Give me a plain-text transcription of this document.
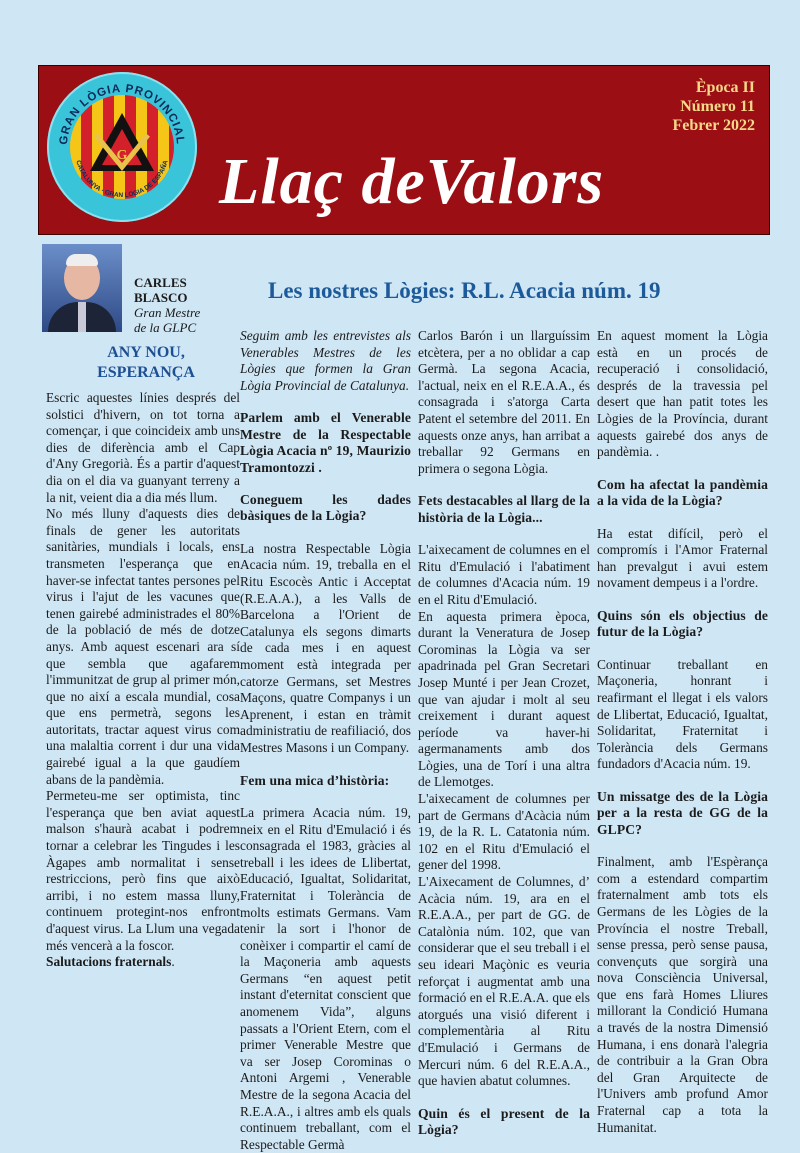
G
GRAN LÒGIA PROVINCIAL
CATALUNYA · GRAN LOGIA DE ESPAÑA
Època II
Número 11
Febrer 2022
Llaç deValors
CARLES
BLASCO
Gran Mestre
de la GLPC
ANY NOU,
ESPERANÇA
Les nostres Lògies: R.L. Acacia núm. 19

Escric aquestes línies després del solstici d'hivern, on tot torna a començar, i que coincideix amb uns dies de diferència amb el Cap d'Any Gregorià. És a partir d'aquest dia on el dia va guanyant terreny a la nit, veient dia a dia més llum.

No més lluny d'aquests dies de finals de gener les autoritats sanitàries, mundials i locals, ens transmeten l'esperança que en haver-se infectat tantes persones pel virus i l'ajut de les vacunes que tenen gairebé administrades el 80% de la població de més de dotze anys. Amb aquest escenari ara sí que sembla que agafarem l'immunitzat de grup al primer món, que no així a escala mundial, cosa que ens permetrà, segons les autoritats, tractar aquest virus com una malaltia corrent i dur una vida gairebé igual a la que gaudíem abans de la pandèmia.

Permeteu-me ser optimista, tinc l'esperança que ben aviat aquest malson s'haurà acabat i podrem tornar a celebrar les Tingudes i les Àgapes amb normalitat i sense restriccions, però fins que això arribi, i no estem massa lluny, continuem protegint-nos enfront d'aquest virus. La Llum una vegada més vencerà a la foscor.

Salutacions fraternals.

Seguim amb les entrevistes als Venerables Mestres de les Lògies que formen la Gran Lògia Provincial de Catalunya.

Parlem amb el Venerable Mestre de la Respectable Lògia Acacia nº 19, Maurizio Tramontozzi .
Coneguem les dades bàsiques de la Lògia?

La nostra Respectable Lògia Acacia núm. 19, treballa en el Ritu Escocès Antic i Acceptat (R.E.A.A.), a les Valls de Barcelona a l'Orient de Catalunya els segons dimarts de cada mes i en aquest moment està integrada per catorze Germans, set Mestres Maçons, quatre Companys i un Aprenent, i estan en tràmit administratiu de reafiliació, dos Mestres Masons i un Company.

Fem una mica d’història:

La primera Acacia núm. 19, neix en el Ritu d'Emulació i és consagrada el 1983, gràcies al treball i les idees de Llibertat, Educació, Igualtat, Solidaritat, Fraternitat i Tolerància de molts estimats Germans. Vam tenir la sort i l'honor de conèixer i compartir el camí de la Maçoneria amb aquests Germans “en aquest petit instant d'eternitat conscient que anomenem Vida”, alguns passats a l'Orient Etern, com el primer Venerable Mestre que va ser Josep Corominas o Antoni Argemi , Venerable Mestre de la segona Acacia del R.E.A.A., i altres amb els quals continuem treballant, com el Respectable Germà

Carlos Barón i un llarguíssim etcètera, per a no oblidar a cap Germà. La segona Acacia, l'actual, neix en el R.E.A.A., és consagrada i s'atorga Carta Patent el setembre del 2011. En aquests onze anys, han arribat a treballar 92 Germans en primera o segona Lògia.

Fets destacables al llarg de la història de la Lògia...

L'aixecament de columnes en el Ritu d'Emulació i l'abatiment de columnes d'Acacia núm. 19 en el Ritu d'Emulació.

En aquesta primera època, durant la Veneratura de Josep Corominas la Lògia va ser apadrinada pel Gran Secretari Josep Munté i per Jean Crozet, que van ajudar i molt al seu creixement i durant aquest període va haver-hi agermanaments amb dos Lògies, una de Torí i una altra de Llemotges.

L'aixecament de columnes per part de Germans d'Acàcia núm 19, de la R. L. Catatonia núm. 102 en el Ritu d'Emulació el gener del 1998.

L'Aixecament de Columnes, d’ Acàcia núm. 19, ara en el R.E.A.A., per part de GG. de Catalònia núm. 102, que van considerar que el seu treball i el seu ideari Maçònic es veuria reforçat i augmentat amb una formació en el R.E.A.A. que els atorgués una visió diferent i complementària al Ritu d'Emulació i Germans de Mercuri núm. 6 del R.E.A.A., que havien abatut columnes.

Quin és el present de la Lògia?

En aquest moment la Lògia està en un procés de recuperació i consolidació, després de la travessia pel desert que han patit totes les Lògies de la Província, durant aquests gairebé dos anys de pandèmia. .

Com ha afectat la pandèmia a la vida de la Lògia?

Ha estat difícil, però el compromís i l'Amor Fraternal han prevalgut i avui estem novament dempeus i a l'ordre.

Quins són els objectius de futur de la Lògia?

Continuar treballant en Maçoneria, honrant i reafirmant el llegat i els valors de Llibertat, Educació, Igualtat, Solidaritat, Fraternitat i Tolerància dels Germans fundadors d'Acacia núm. 19.

Un missatge des de la Lògia per a la resta de GG de la GLPC?

Finalment, amb l'Espèrança com a estendard compartim fraternalment amb tots els Germans de les Lògies de la Província el nostre Treball, sense pressa, però sense pausa, convençuts que sorgirà una nova Consciència Universal, que ens farà Homes Lliures millorant la Condició Humana a través de la nostra Dimensió Humana, i ens donarà l'alegria de contribuir a la Gran Obra del Gran Arquitecte de l'Univers amb profund Amor Fraternal cap a tota la Humanitat.
